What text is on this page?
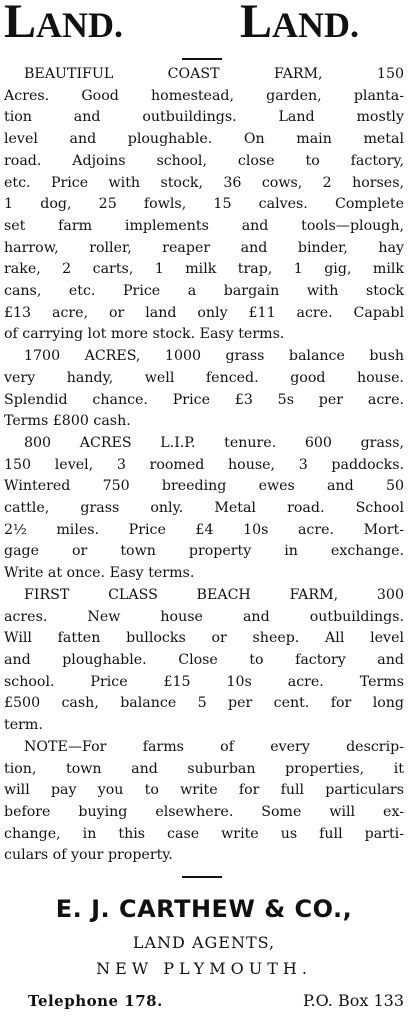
LAND. LAND.

BEAUTIFUL COAST FARM, 150
Acres. Good homestead, garden, planta-
tion and outbuildings. Land mostly
level and ploughable. On main metal
road. Adjoins school, close to factory,
etc. Price with stock, 36 cows, 2 horses,
1 dog, 25 fowls, 15 calves. Complete
set farm implements and tools—plough,
harrow, roller, reaper and binder, hay
rake, 2 carts, 1 milk trap, 1 gig, milk
cans, etc. Price a bargain with stock
£13 acre, or land only £11 acre. Capabl
of carrying lot more stock. Easy terms.

1700 ACRES, 1000 grass balance bush
very handy, well fenced. good house.
Splendid chance. Price £3 5s per acre.
Terms £800 cash.

800 ACRES L.I.P. tenure. 600 grass,
150 level, 3 roomed house, 3 paddocks.
Wintered 750 breeding ewes and 50
cattle, grass only. Metal road. School
2½ miles. Price £4 10s acre. Mort-
gage or town property in exchange.
Write at once. Easy terms.

FIRST CLASS BEACH FARM, 300
acres. New house and outbuildings.
Will fatten bullocks or sheep. All level
and ploughable. Close to factory and
school. Price £15 10s acre. Terms
£500 cash, balance 5 per cent. for long
term.

NOTE—For farms of every descrip-
tion, town and suburban properties, it
will pay you to write for full particulars
before buying elsewhere. Some will ex-
change, in this case write us full parti-
culars of your property.

E. J. CARTHEW & CO.,
LAND AGENTS,
NEW PLYMOUTH.
Telephone 178.	P.O. Box 133
